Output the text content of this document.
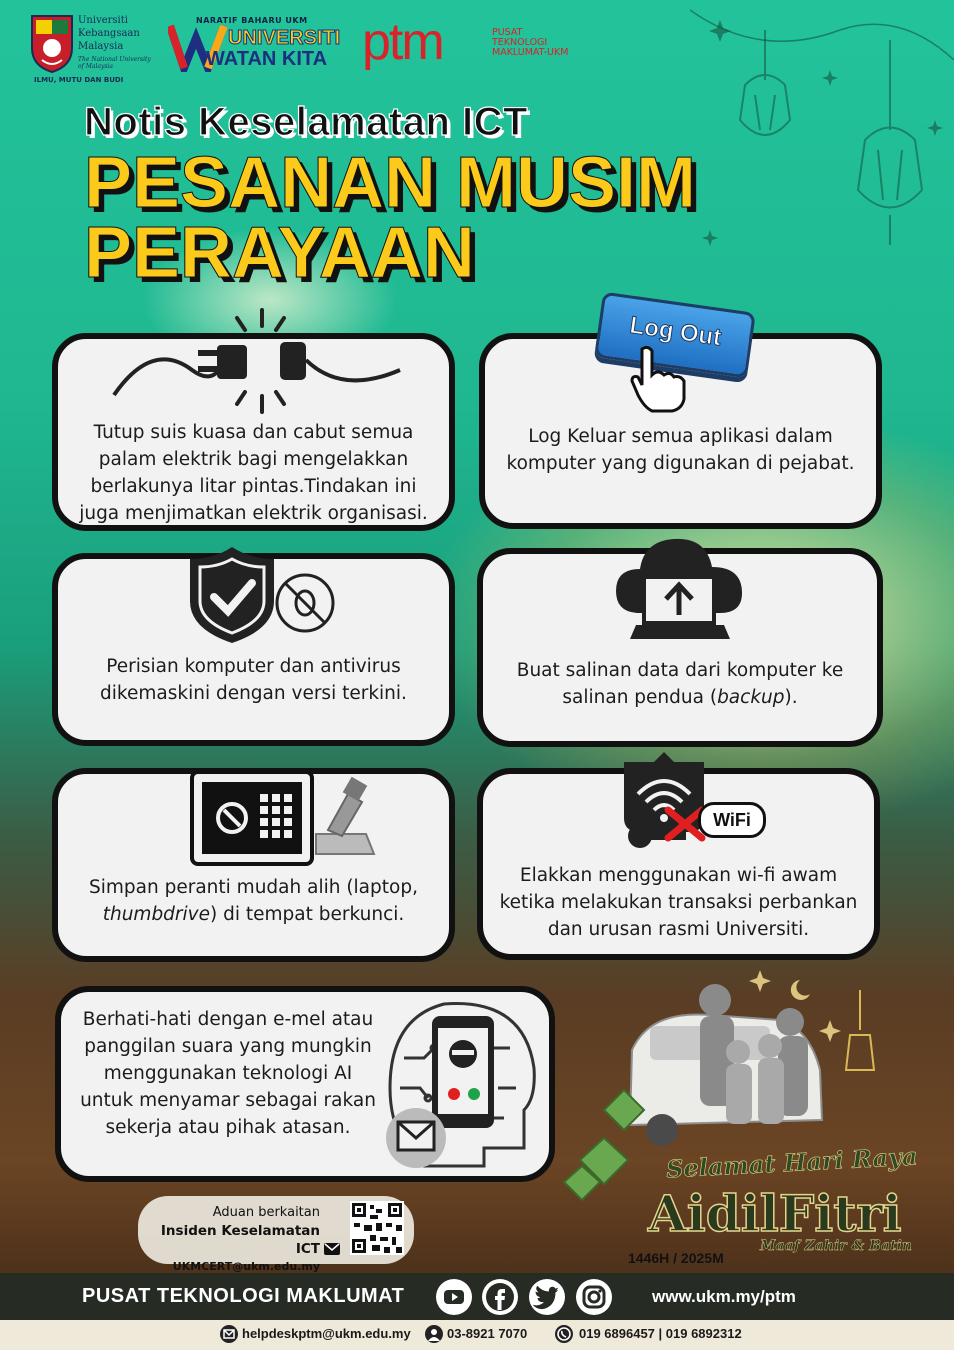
Universiti
Kebangsaan
Malaysia
The National University of Malaysia
ILMU, MUTU DAN BUDI
NARATIF BAHARU UKM
UNIVERSITI
WATAN KITA ptm	PUSAT
TEKNOLOGI
MAKLUMAT-UKM
Notis Keselamatan ICT
PESANAN MUSIM
PERAYAAN
Tutup suis kuasa dan cabut semua palam elektrik bagi mengelakkan berlakunya litar pintas.Tindakan ini juga menjimatkan elektrik organisasi.
Log Keluar semua aplikasi dalam komputer yang digunakan di pejabat.
Log Out
Perisian komputer dan antivirus dikemaskini dengan versi terkini.
Buat salinan data dari komputer ke salinan pendua (backup).
Simpan peranti mudah alih (laptop, thumbdrive) di tempat berkunci.
Elakkan menggunakan wi-fi awam ketika melakukan transaksi perbankan dan urusan rasmi Universiti.
WiFi
Berhati-hati dengan e-mel atau panggilan suara yang mungkin menggunakan teknologi AI untuk menyamar sebagai rakan sekerja atau pihak atasan.
Aduan berkaitan
Insiden Keselamatan ICT
UKMCERT@ukm.edu.my
Selamat Hari Raya
AidilFitri
1446H / 2025M
Maaf Zahir & Batin
PUSAT TEKNOLOGI MAKLUMAT	www.ukm.my/ptm
helpdeskptm@ukm.edu.my	03-8921 7070	019 6896457 | 019 6892312
